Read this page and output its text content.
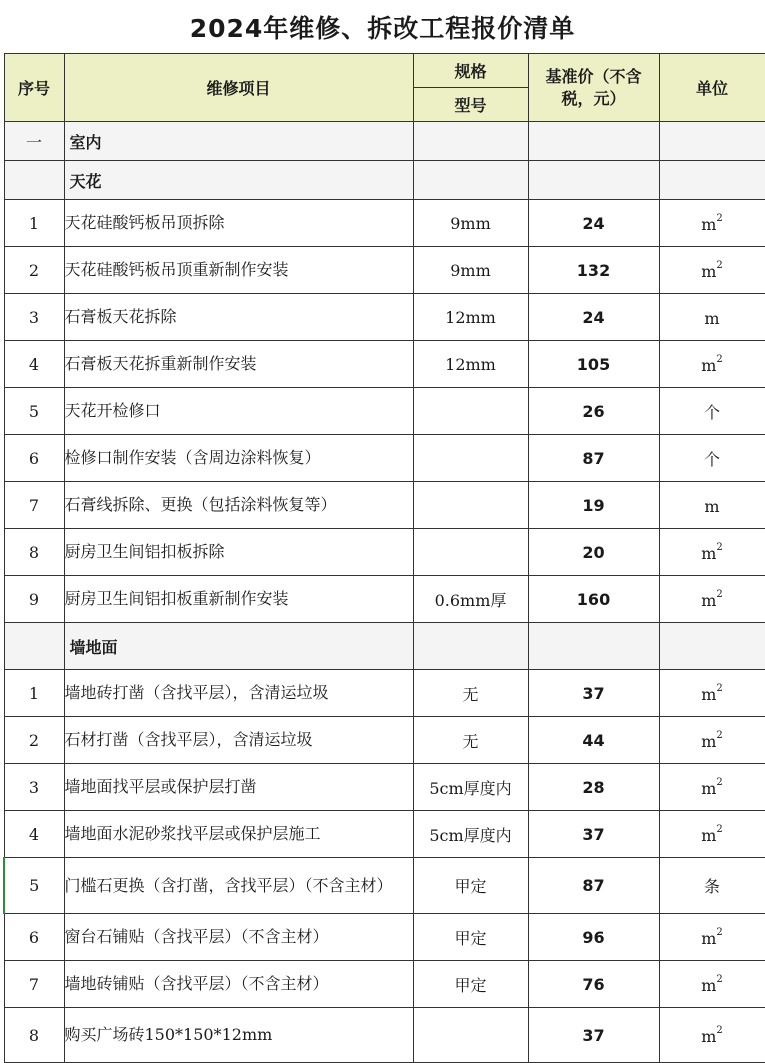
2024年维修、拆改工程报价清单
序号	维修项目	规格	基准价（不含税，元）	单位
		型号		
一	室内			
	天花			
1	天花硅酸钙板吊顶拆除	9mm	24	$m^2$
2	天花硅酸钙板吊顶重新制作安装	9mm	132	$m^2$
3	石膏板天花拆除	12mm	24	m
4	石膏板天花拆重新制作安装	12mm	105	$m^2$
5	天花开检修口		26	个
6	检修口制作安装（含周边涂料恢复）		87	个
7	石膏线拆除、更换（包括涂料恢复等）		19	m
8	厨房卫生间铝扣板拆除		20	$m^2$
9	厨房卫生间铝扣板重新制作安装	0.6mm厚	160	$m^2$
	墙地面			
1	墙地砖打凿（含找平层），含清运垃圾	无	37	$m^2$
2	石材打凿（含找平层），含清运垃圾	无	44	$m^2$
3	墙地面找平层或保护层打凿	5cm厚度内	28	$m^2$
4	墙地面水泥砂浆找平层或保护层施工	5cm厚度内	37	$m^2$
5	门槛石更换（含打凿，含找平层）（不含主材）	甲定	87	条
6	窗台石铺贴（含找平层）（不含主材）	甲定	96	$m^2$
7	墙地砖铺贴（含找平层）（不含主材）	甲定	76	$m^2$
8	购买广场砖150*150*12mm		37	$m^2$
